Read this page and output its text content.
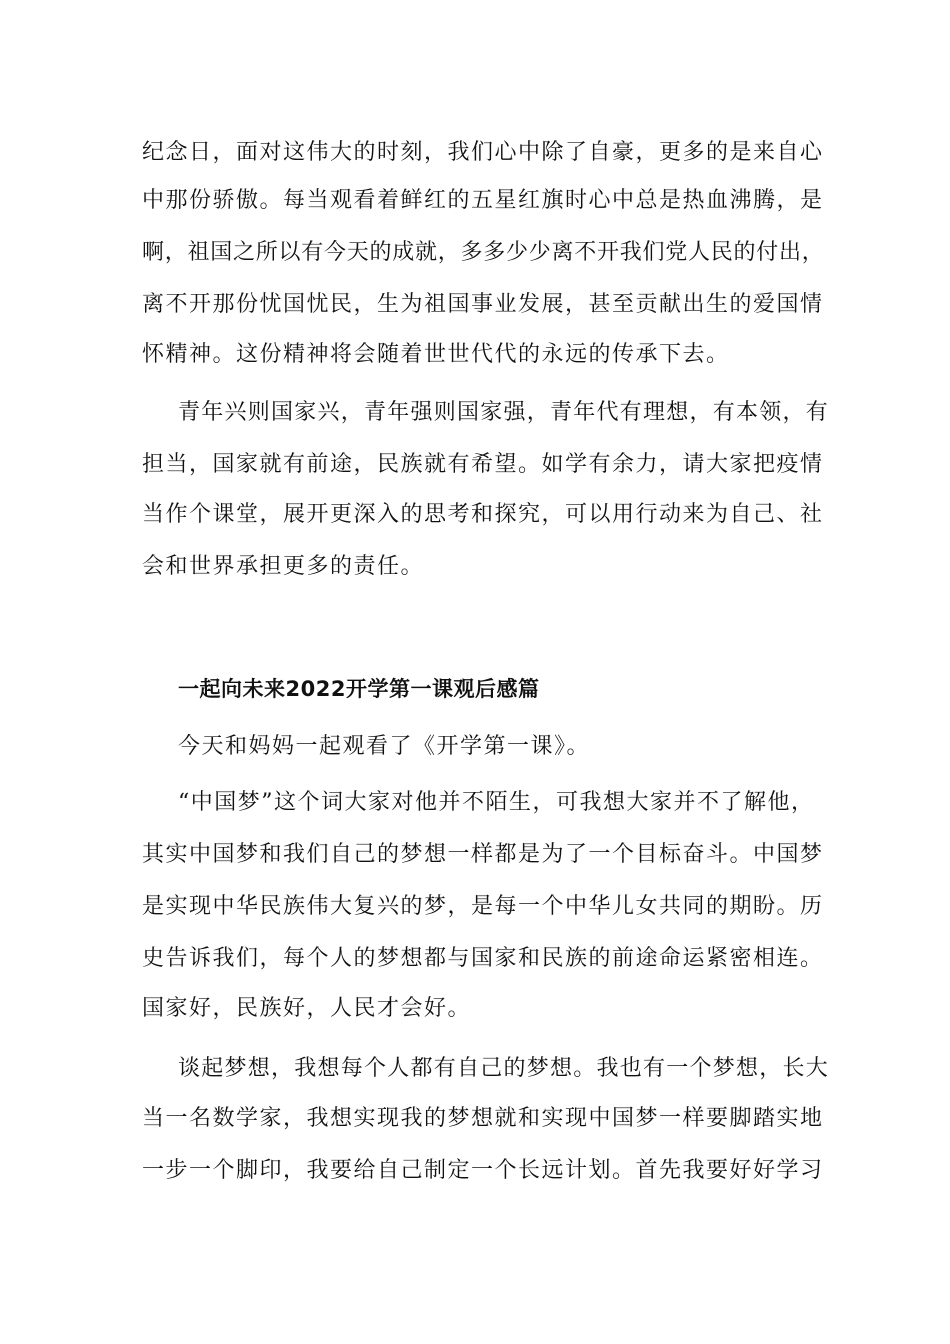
纪念日，面对这伟大的时刻，我们心中除了自豪，更多的是来自心
中那份骄傲。每当观看着鲜红的五星红旗时心中总是热血沸腾，是
啊，祖国之所以有今天的成就，多多少少离不开我们党人民的付出，
离不开那份忧国忧民，生为祖国事业发展，甚至贡献出生的爱国情
怀精神。这份精神将会随着世世代代的永远的传承下去。
青年兴则国家兴，青年强则国家强，青年代有理想，有本领，有
担当，国家就有前途，民族就有希望。如学有余力，请大家把疫情
当作个课堂，展开更深入的思考和探究，可以用行动来为自己、社
会和世界承担更多的责任。
一起向未来2022开学第一课观后感篇
今天和妈妈一起观看了《开学第一课》。
“中国梦”这个词大家对他并不陌生，可我想大家并不了解他，
其实中国梦和我们自己的梦想一样都是为了一个目标奋斗。中国梦
是实现中华民族伟大复兴的梦，是每一个中华儿女共同的期盼。历
史告诉我们，每个人的梦想都与国家和民族的前途命运紧密相连。
国家好，民族好，人民才会好。
谈起梦想，我想每个人都有自己的梦想。我也有一个梦想，长大
当一名数学家，我想实现我的梦想就和实现中国梦一样要脚踏实地
一步一个脚印，我要给自己制定一个长远计划。首先我要好好学习
